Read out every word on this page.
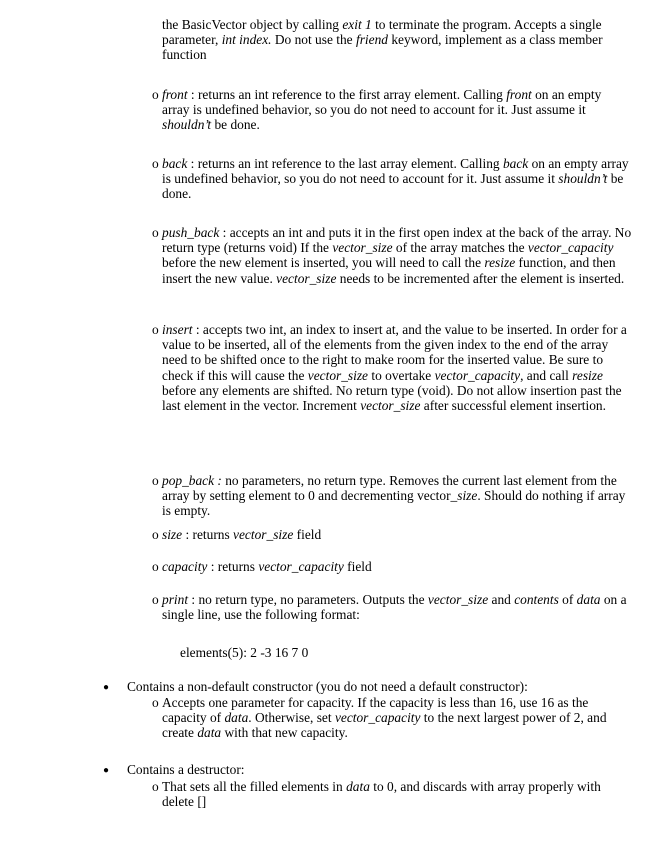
the BasicVector object by calling exit 1 to terminate the program. Accepts a single parameter, int index. Do not use the friend keyword, implement as a class member function

o front : returns an int reference to the first array element. Calling front on an empty array is undefined behavior, so you do not need to account for it. Just assume it shouldn’t be done.

o back : returns an int reference to the last array element. Calling back on an empty array is undefined behavior, so you do not need to account for it. Just assume it shouldn’t be done.

o push_back : accepts an int and puts it in the first open index at the back of the array. No return type (returns void) If the vector_size of the array matches the vector_capacity before the new element is inserted, you will need to call the resize function, and then insert the new value. vector_size needs to be incremented after the element is inserted.

o insert : accepts two int, an index to insert at, and the value to be inserted. In order for a value to be inserted, all of the elements from the given index to the end of the array need to be shifted once to the right to make room for the inserted value. Be sure to check if this will cause the vector_size to overtake vector_capacity, and call resize before any elements are shifted. No return type (void). Do not allow insertion past the last element in the vector. Increment vector_size after successful element insertion.

o pop_back : no parameters, no return type. Removes the current last element from the array by setting element to 0 and decrementing vector_size. Should do nothing if array is empty.

o size : returns vector_size field

o capacity : returns vector_capacity field

o print : no return type, no parameters. Outputs the vector_size and contents of data on a single line, use the following format:

elements(5): 2 -3 16 7 0

● Contains a non-default constructor (you do not need a default constructor):

o Accepts one parameter for capacity. If the capacity is less than 16, use 16 as the capacity of data. Otherwise, set vector_capacity to the next largest power of 2, and create data with that new capacity.

● Contains a destructor:

o That sets all the filled elements in data to 0, and discards with array properly with delete []
